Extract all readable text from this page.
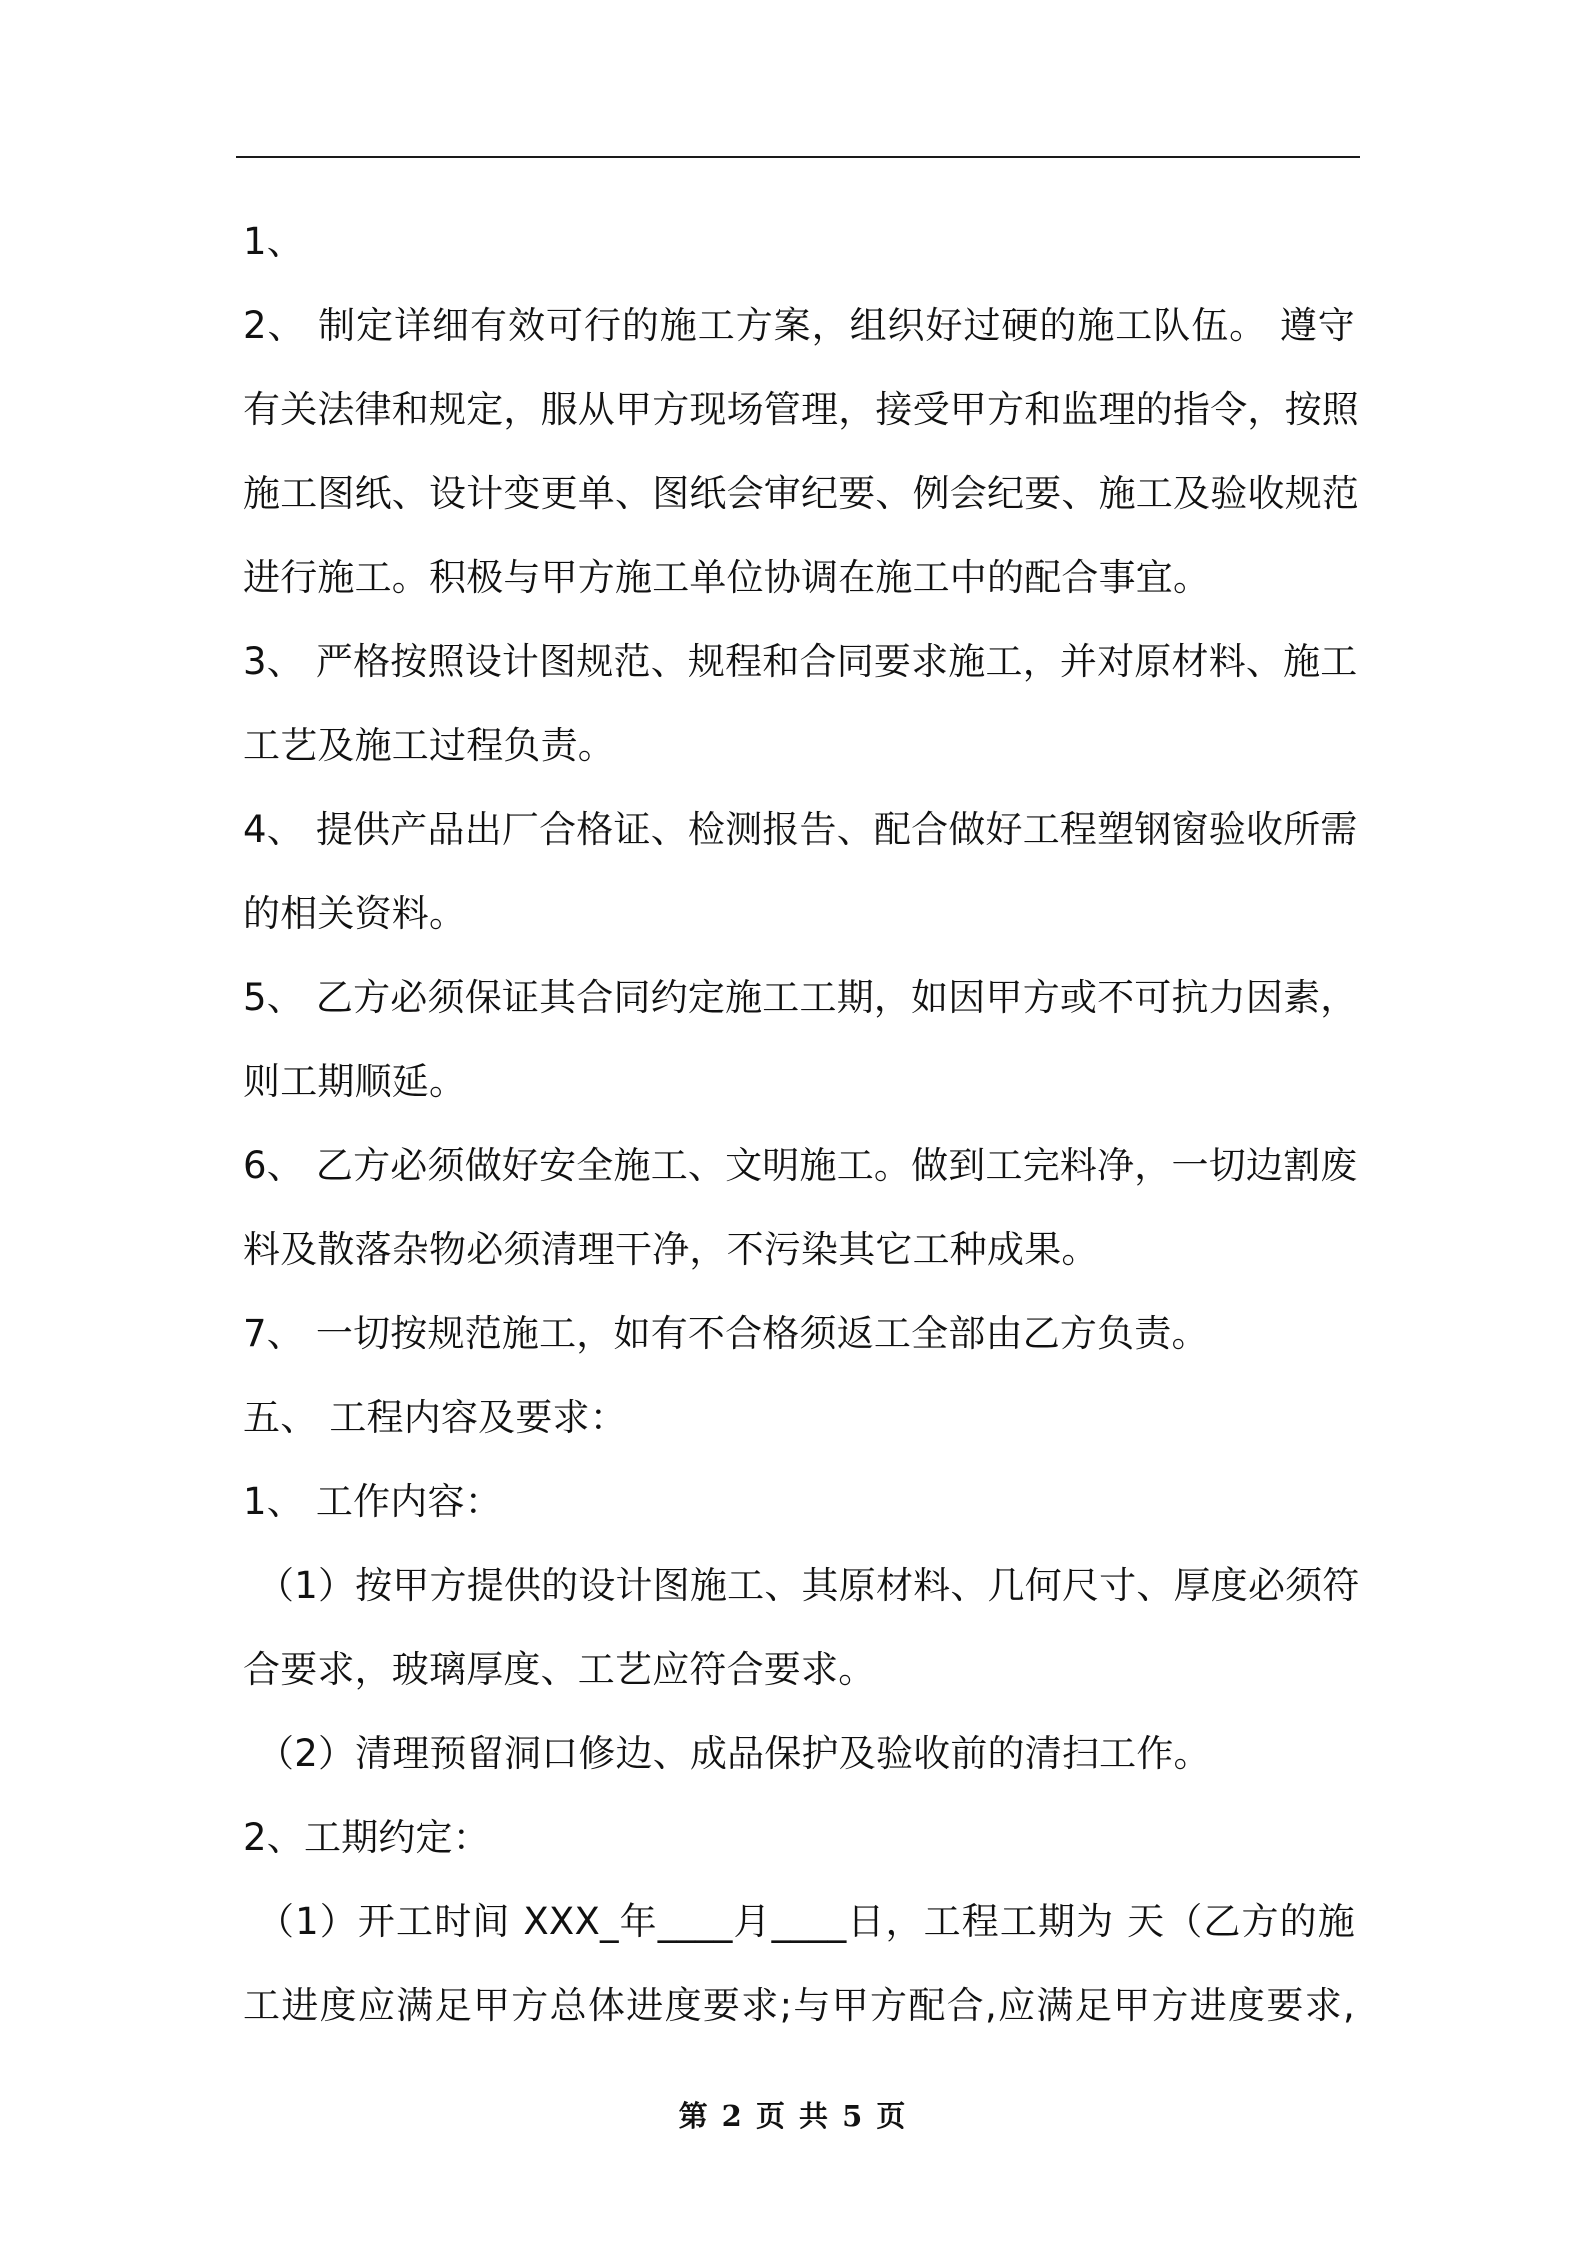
1、
2、 制定详细有效可行的施工方案，组织好过硬的施工队伍。 遵守
有关法律和规定，服从甲方现场管理，接受甲方和监理的指令，按照
施工图纸、设计变更单、图纸会审纪要、例会纪要、施工及验收规范
进行施工。积极与甲方施工单位协调在施工中的配合事宜。
3、 严格按照设计图规范、规程和合同要求施工，并对原材料、施工
工艺及施工过程负责。
4、 提供产品出厂合格证、检测报告、配合做好工程塑钢窗验收所需
的相关资料。
5、 乙方必须保证其合同约定施工工期，如因甲方或不可抗力因素，
则工期顺延。
6、 乙方必须做好安全施工、文明施工。做到工完料净，一切边割废
料及散落杂物必须清理干净，不污染其它工种成果。
7、 一切按规范施工，如有不合格须返工全部由乙方负责。
五、 工程内容及要求：
1、 工作内容：
（1）按甲方提供的设计图施工、其原材料、几何尺寸、厚度必须符
合要求，玻璃厚度、工艺应符合要求。
（2）清理预留洞口修边、成品保护及验收前的清扫工作。
2、工期约定：
（1）开工时间 XXX_年____月____日，工程工期为 天（乙方的施
工进度应满足甲方总体进度要求;与甲方配合,应满足甲方进度要求,
第 2 页 共 5 页
